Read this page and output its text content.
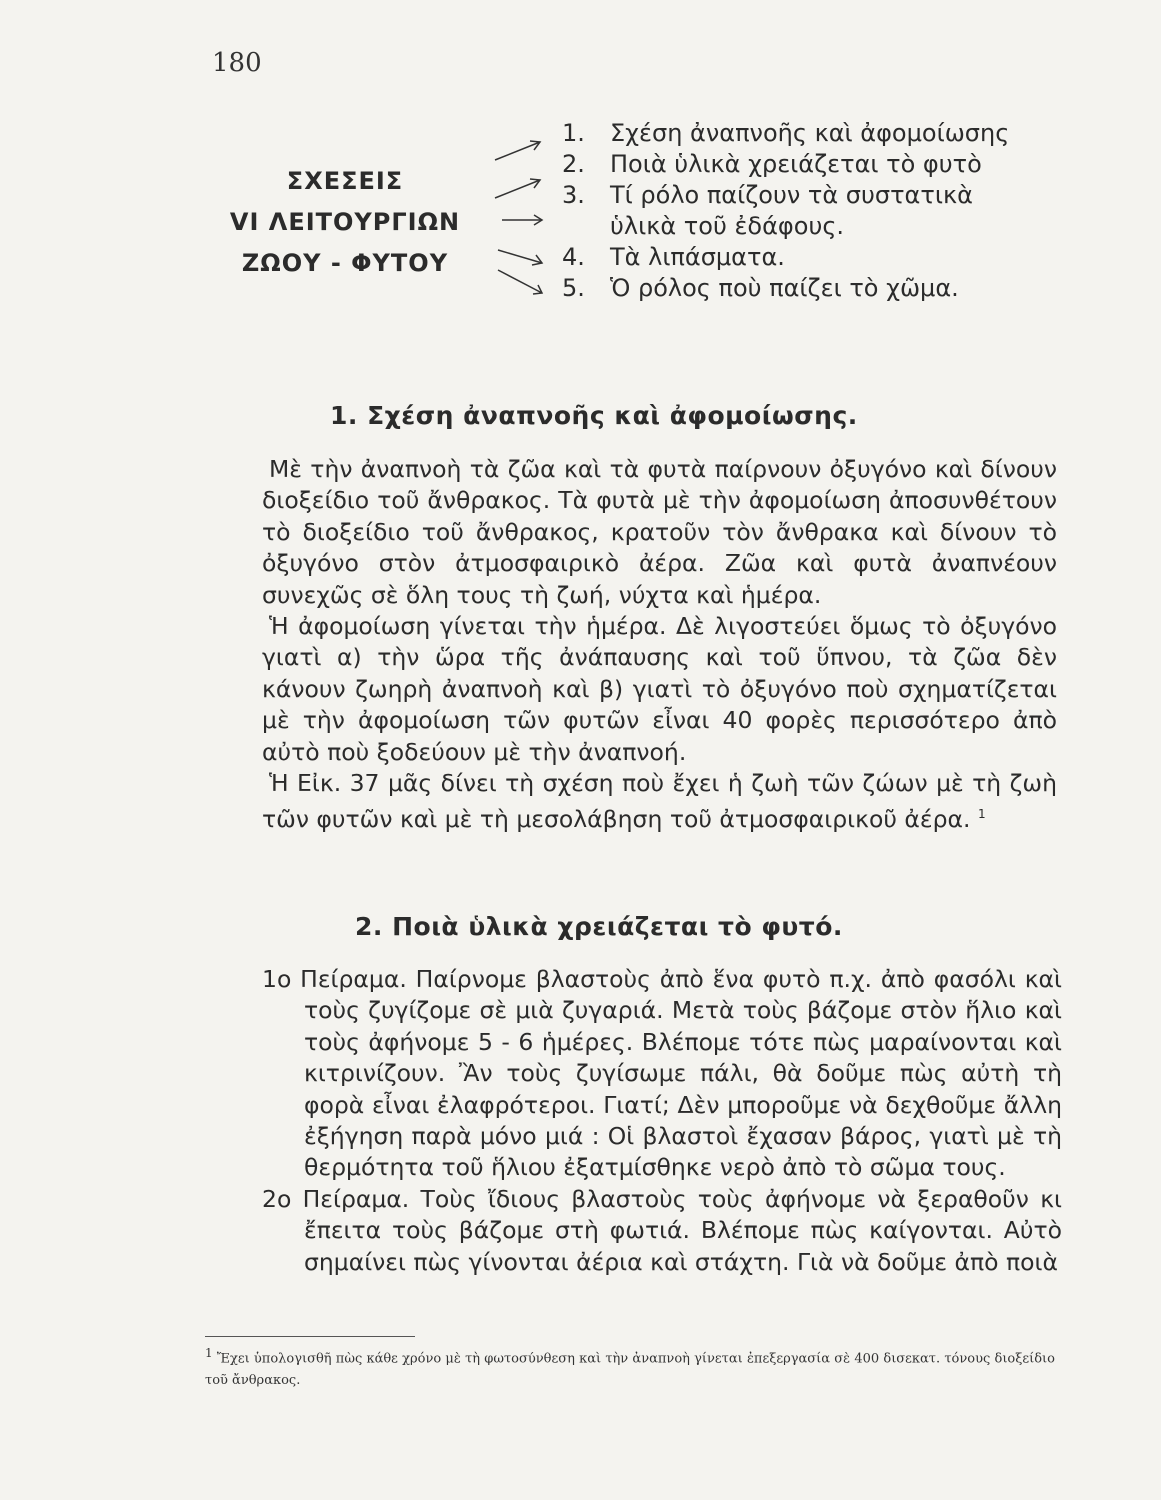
180
ΣΧΕΣΕΙΣ
VI ΛΕΙΤΟΥΡΓΙΩΝ
ΖΩΟΥ - ΦΥΤΟΥ
1.	Σχέση ἀναπνοῆς καὶ ἀφομοίωσης
2.	Ποιὰ ὑλικὰ χρειάζεται τὸ φυτὸ
3.	Τί ρόλο παίζουν τὰ συστατικὰ ὑλικὰ τοῦ ἐδάφους.
4.	Τὰ λιπάσματα.
5.	Ὁ ρόλος ποὺ παίζει τὸ χῶμα.
1. Σχέση ἀναπνοῆς καὶ ἀφομοίωσης.

Μὲ τὴν ἀναπνοὴ τὰ ζῶα καὶ τὰ φυτὰ παίρνουν ὀξυγόνο καὶ δίνουν διοξείδιο τοῦ ἄνθρακος. Τὰ φυτὰ μὲ τὴν ἀφομοίωση ἀποσυνθέτουν τὸ διοξείδιο τοῦ ἄνθρακος, κρατοῦν τὸν ἄνθρακα καὶ δίνουν τὸ ὀξυγόνο στὸν ἀτμοσφαιρικὸ ἀέρα. Ζῶα καὶ φυτὰ ἀναπνέουν συνεχῶς σὲ ὅλη τους τὴ ζωή, νύχτα καὶ ἡμέρα.

Ἡ ἀφομοίωση γίνεται τὴν ἡμέρα. Δὲ λιγοστεύει ὅμως τὸ ὀξυγόνο γιατὶ α) τὴν ὥρα τῆς ἀνάπαυσης καὶ τοῦ ὕπνου, τὰ ζῶα δὲν κάνουν ζωηρὴ ἀναπνοὴ καὶ β) γιατὶ τὸ ὀξυγόνο ποὺ σχηματίζεται μὲ τὴν ἀφομοίωση τῶν φυτῶν εἶναι 40 φορὲς περισσότερο ἀπὸ αὐτὸ ποὺ ξοδεύουν μὲ τὴν ἀναπνοή.

Ἡ Εἰκ. 37 μᾶς δίνει τὴ σχέση ποὺ ἔχει ἡ ζωὴ τῶν ζώων μὲ τὴ ζωὴ τῶν φυτῶν καὶ μὲ τὴ μεσολάβηση τοῦ ἀτμοσφαιρικοῦ ἀέρα. $^1$

2. Ποιὰ ὑλικὰ χρειάζεται τὸ φυτό.

1ο Πείραμα. Παίρνομε βλαστοὺς ἀπὸ ἕνα φυτὸ π.χ. ἀπὸ φασόλι καὶ τοὺς ζυγίζομε σὲ μιὰ ζυγαριά. Μετὰ τοὺς βάζομε στὸν ἥλιο καὶ τοὺς ἀφήνομε 5 - 6 ἡμέρες. Βλέπομε τότε πὼς μαραίνονται καὶ κιτρινίζουν. Ἂν τοὺς ζυγίσωμε πάλι, θὰ δοῦμε πὼς αὐτὴ τὴ φορὰ εἶναι ἐλαφρότεροι. Γιατί; Δὲν μποροῦμε νὰ δεχθοῦμε ἄλλη ἐξήγηση παρὰ μόνο μιά : Οἱ βλαστοὶ ἔχασαν βάρος, γιατὶ μὲ τὴ θερμότητα τοῦ ἥλιου ἐξατμίσθηκε νερὸ ἀπὸ τὸ σῶμα τους.

2ο Πείραμα. Τοὺς ἴδιους βλαστοὺς τοὺς ἀφήνομε νὰ ξεραθοῦν κι ἔπειτα τοὺς βάζομε στὴ φωτιά. Βλέπομε πὼς καίγονται. Αὐτὸ σημαίνει πὼς γίνονται ἀέρια καὶ στάχτη. Γιὰ νὰ δοῦμε ἀπὸ ποιὰ

$^1$ Ἔχει ὑπολογισθῆ πὼς κάθε χρόνο μὲ τὴ φωτοσύνθεση καὶ τὴν ἀναπνοὴ γίνεται ἐπεξεργασία σὲ 400 δισεκατ. τόνους διοξείδιο τοῦ ἄνθρακος.
